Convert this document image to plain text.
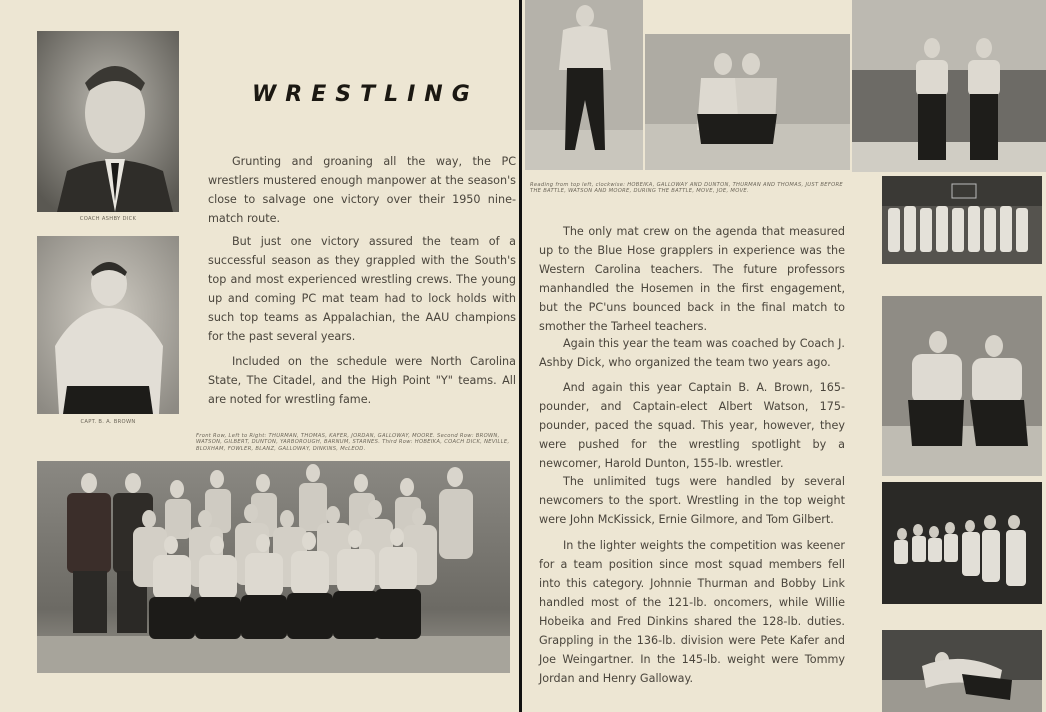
COACH ASHBY DICK
CAPT. B. A. BROWN
WRESTLING

Grunting and groaning all the way, the PC wrestlers mustered enough manpower at the season's close to salvage one victory over their 1950 nine-match route.

But just one victory assured the team of a successful season as they grappled with the South's top and most experienced wrestling crews. The young up and coming PC mat team had to lock holds with such top teams as Appalachian, the AAU champions for the past several years.

Included on the schedule were North Carolina State, The Citadel, and the High Point "Y" teams. All are noted for wrestling fame.

Front Row, Left to Right: THURMAN, THOMAS, KAFER, JORDAN, GALLOWAY, MOORE. Second Row: BROWN, WATSON, GILBERT, DUNTON, YARBOROUGH, BARNUM, STARNES. Third Row: HOBEIKA, COACH DICK, NEVILLE, BLOXHAM, FOWLER, BLANZ, GALLOWAY, DINKINS, McLEOD.
Reading from top left, clockwise: HOBEIKA, GALLOWAY AND DUNTON, THURMAN AND THOMAS, JUST BEFORE THE BATTLE, WATSON AND MOORE, DURING THE BATTLE, MOVE, JOE, MOVE.

The only mat crew on the agenda that measured up to the Blue Hose grapplers in experience was the Western Carolina teachers. The future professors manhandled the Hosemen in the first engagement, but the PC'uns bounced back in the final match to smother the Tarheel teachers.

Again this year the team was coached by Coach J. Ashby Dick, who organized the team two years ago.

And again this year Captain B. A. Brown, 165-pounder, and Captain-elect Albert Watson, 175-pounder, paced the squad. This year, however, they were pushed for the wrestling spotlight by a newcomer, Harold Dunton, 155-lb. wrestler.

The unlimited tugs were handled by several newcomers to the sport. Wrestling in the top weight were John McKissick, Ernie Gilmore, and Tom Gilbert.

In the lighter weights the competition was keener for a team position since most squad members fell into this category. Johnnie Thurman and Bobby Link handled most of the 121-lb. oncomers, while Willie Hobeika and Fred Dinkins shared the 128-lb. duties. Grappling in the 136-lb. division were Pete Kafer and Joe Weingartner. In the 145-lb. weight were Tommy Jordan and Henry Galloway.
